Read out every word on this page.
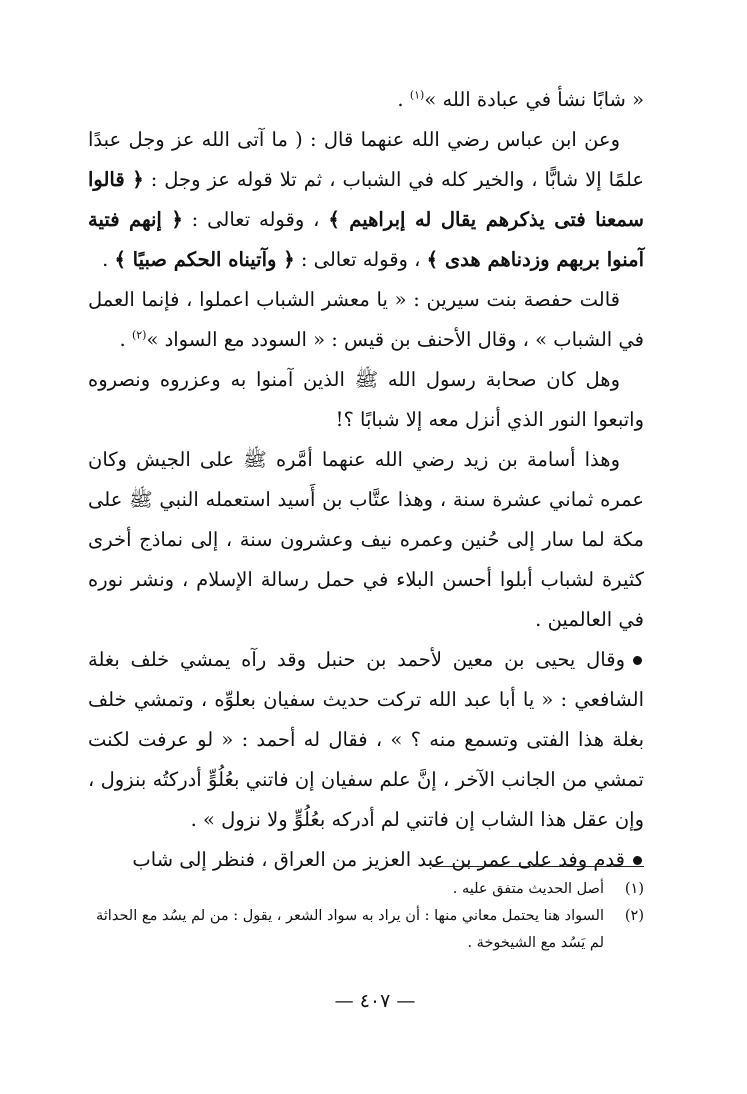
« شابًا نشأ في عبادة الله »$^{(١)}$ .

وعن ابن عباس رضي الله عنهما قال : ( ما آتى الله عز وجل عبدًا علمًا إلا شابًّا ، والخير كله في الشباب ، ثم تلا قوله عز وجل : ﴿ قالوا سمعنا فتى يذكرهم يقال له إبراهيم ﴾ ، وقوله تعالى : ﴿ إنهم فتية آمنوا بربهم وزدناهم هدى ﴾ ، وقوله تعالى : ﴿ وآتيناه الحكم صبيًا ﴾ .

قالت حفصة بنت سيرين : « يا معشر الشباب اعملوا ، فإنما العمل في الشباب » ، وقال الأحنف بن قيس : « السودد مع السواد »$^{(٢)}$ .

وهل كان صحابة رسول الله ﷺ الذين آمنوا به وعزروه ونصروه واتبعوا النور الذي أنزل معه إلا شبابًا ؟!

وهذا أسامة بن زيد رضي الله عنهما أمَّره ﷺ على الجيش وكان عمره ثماني عشرة سنة ، وهذا عتَّاب بن أَسيد استعمله النبي ﷺ على مكة لما سار إلى حُنين وعمره نيف وعشرون سنة ، إلى نماذج أخرى كثيرة لشباب أبلوا أحسن البلاء في حمل رسالة الإسلام ، ونشر نوره في العالمين .

وقال يحيى بن معين لأحمد بن حنبل وقد رآه يمشي خلف بغلة الشافعي : « يا أبا عبد الله تركت حديث سفيان بعلوِّه ، وتمشي خلف بغلة هذا الفتى وتسمع منه ؟ » ، فقال له أحمد : « لو عرفت لكنت تمشي من الجانب الآخر ، إنَّ علم سفيان إن فاتني بعُلُوٍّ أدركتُه بنزول ، وإن عقل هذا الشاب إن فاتني لم أدركه بعُلُوٍّ ولا نزول » .

قدم وفد على عمر بن عبد العزيز من العراق ، فنظر إلى شاب

(١)
أصل الحديث متفق عليه .

(٢)
السواد هنا يحتمل معاني منها : أن يراد به سواد الشعر ، يقول : من لم يسُد مع الحداثة لم يَسُد مع الشيخوخة .

— ٤٠٧ —
